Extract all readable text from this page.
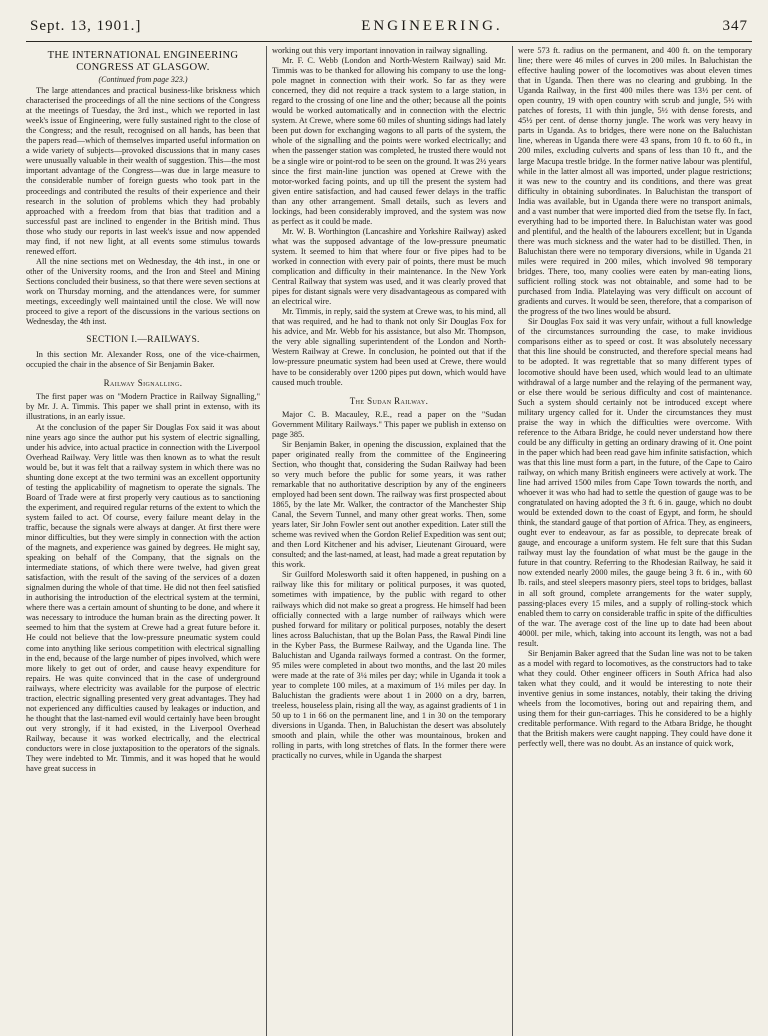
Sept. 13, 1901.]	ENGINEERING.	347
THE INTERNATIONAL ENGINEERING CONGRESS AT GLASGOW.
(Continued from page 323.)

The large attendances and practical business-like briskness which characterised the proceedings of all the nine sections of the Congress at the meetings of Tuesday, the 3rd inst., which we reported in last week's issue of Engineering, were fully sustained right to the close of the Congress; and the result, recognised on all hands, has been that the papers read—which of themselves imparted useful information on a wide variety of subjects—provoked discussions that in many cases were unusually valuable in their wealth of suggestion. This—the most important advantage of the Congress—was due in large measure to the considerable number of foreign guests who took part in the proceedings and contributed the results of their experience and their research in the solution of problems which they had probably approached with a freedom from that bias that tradition and a successful past are inclined to engender in the British mind. Thus those who study our reports in last week's issue and now appended may find, if not new light, at all events some stimulus towards renewed effort.

All the nine sections met on Wednesday, the 4th inst., in one or other of the University rooms, and the Iron and Steel and Mining Sections concluded their business, so that there were seven sections at work on Thursday morning, and the attendances were, for summer meetings, exceedingly well maintained until the close. We will now proceed to give a report of the discussions in the various sections on Wednesday, the 4th inst.

SECTION I.—RAILWAYS.

In this section Mr. Alexander Ross, one of the vice-chairmen, occupied the chair in the absence of Sir Benjamin Baker.

Railway Signalling.

The first paper was on "Modern Practice in Railway Signalling," by Mr. J. A. Timmis. This paper we shall print in extenso, with its illustrations, in an early issue.

At the conclusion of the paper Sir Douglas Fox said it was about nine years ago since the author put his system of electric signalling, under his advice, into actual practice in connection with the Liverpool Overhead Railway. Very little was then known as to what the result would be, but it was felt that a railway system in which there was no shunting done except at the two termini was an excellent opportunity of testing the applicability of magnetism to operate the signals. The Board of Trade were at first properly very cautious as to sanctioning the experiment, and required regular returns of the extent to which the system failed to act. Of course, every failure meant delay in the traffic, because the signals were always at danger. At first there were minor difficulties, but they were simply in connection with the action of the magnets, and experience was gained by degrees. He might say, speaking on behalf of the Company, that the signals on the intermediate stations, of which there were twelve, had given great satisfaction, with the result of the saving of the services of a dozen signalmen during the whole of that time. He did not then feel satisfied in authorising the introduction of the electrical system at the termini, where there was a certain amount of shunting to be done, and where it was necessary to introduce the human brain as the directing power. It seemed to him that the system at Crewe had a great future before it. He could not believe that the low-pressure pneumatic system could come into anything like serious competition with electrical signalling in the end, because of the large number of pipes involved, which were more likely to get out of order, and cause heavy expenditure for repairs. He was quite convinced that in the case of underground railways, where electricity was available for the purpose of electric traction, electric signalling presented very great advantages. They had not experienced any difficulties caused by leakages or induction, and he thought that the last-named evil would certainly have been brought out very strongly, if it had existed, in the Liverpool Overhead Railway, because it was worked electrically, and the electrical conductors were in close juxtaposition to the operators of the signals. They were indebted to Mr. Timmis, and it was hoped that he would have great success in

working out this very important innovation in railway signalling.

Mr. F. C. Webb (London and North-Western Railway) said Mr. Timmis was to be thanked for allowing his company to use the long-pole magnet in connection with their work. So far as they were concerned, they did not require a track system to a large station, in regard to the crossing of one line and the other; because all the points would be worked automatically and in connection with the electric system. At Crewe, where some 60 miles of shunting sidings had lately been put down for exchanging wagons to all parts of the system, the whole of the signalling and the points were worked electrically; and when the passenger station was completed, he trusted there would not be a single wire or point-rod to be seen on the ground. It was 2½ years since the first main-line junction was opened at Crewe with the motor-worked facing points, and up till the present the system had given entire satisfaction, and had caused fewer delays in the traffic than any other arrangement. Small details, such as levers and lockings, had been considerably improved, and the system was now as perfect as it could be made.

Mr. W. B. Worthington (Lancashire and Yorkshire Railway) asked what was the supposed advantage of the low-pressure pneumatic system. It seemed to him that where four or five pipes had to be worked in connection with every pair of points, there must be much complication and difficulty in their maintenance. In the New York Central Railway that system was used, and it was clearly proved that pipes for distant signals were very disadvantageous as compared with an electrical wire.

Mr. Timmis, in reply, said the system at Crewe was, to his mind, all that was required, and he had to thank not only Sir Douglas Fox for his advice, and Mr. Webb for his assistance, but also Mr. Thompson, the very able signalling superintendent of the London and North-Western Railway at Crewe. In conclusion, he pointed out that if the low-pressure pneumatic system had been used at Crewe, there would have to be considerably over 1200 pipes put down, which would have caused much trouble.

The Sudan Railway.

Major C. B. Macauley, R.E., read a paper on the "Sudan Government Military Railways." This paper we publish in extenso on page 385.

Sir Benjamin Baker, in opening the discussion, explained that the paper originated really from the committee of the Engineering Section, who thought that, considering the Sudan Railway had been so very much before the public for some years, it was rather remarkable that no authoritative description by any of the engineers employed had been sent down. The railway was first prospected about 1865, by the late Mr. Walker, the contractor of the Manchester Ship Canal, the Severn Tunnel, and many other great works. Then, some years later, Sir John Fowler sent out another expedition. Later still the scheme was revived when the Gordon Relief Expedition was sent out; and then Lord Kitchener and his adviser, Lieutenant Girouard, were consulted; and the last-named, at least, had made a great reputation by this work.

Sir Guilford Molesworth said it often happened, in pushing on a railway like this for military or political purposes, it was quoted, sometimes with impatience, by the public with regard to other railways which did not make so great a progress. He himself had been officially connected with a large number of railways which were pushed forward for military or political purposes, notably the desert lines across Baluchistan, that up the Bolan Pass, the Rawal Pindi line in the Kyber Pass, the Burmese Railway, and the Uganda line. The Baluchistan and Uganda railways formed a contrast. On the former, 95 miles were completed in about two months, and the last 20 miles were made at the rate of 3¼ miles per day; while in Uganda it took a year to complete 100 miles, at a maximum of 1½ miles per day. In Baluchistan the gradients were about 1 in 2000 on a dry, barren, treeless, houseless plain, rising all the way, as against gradients of 1 in 50 up to 1 in 66 on the permanent line, and 1 in 30 on the temporary diversions in Uganda. Then, in Baluchistan the desert was absolutely smooth and plain, while the other was mountainous, broken and rolling in parts, with long stretches of flats. In the former there were practically no curves, while in Uganda the sharpest

were 573 ft. radius on the permanent, and 400 ft. on the temporary line; there were 46 miles of curves in 200 miles. In Baluchistan the effective hauling power of the locomotives was about eleven times that in Uganda. Then there was no clearing and grubbing. In the Uganda Railway, in the first 400 miles there was 13½ per cent. of open country, 19 with open country with scrub and jungle, 5½ with patches of forests, 11 with thin jungle, 5½ with dense forests, and 45½ per cent. of dense thorny jungle. The work was very heavy in parts in Uganda. As to bridges, there were none on the Baluchistan line, whereas in Uganda there were 43 spans, from 10 ft. to 60 ft., in 200 miles, excluding culverts and spans of less than 10 ft., and the large Macupa trestle bridge. In the former native labour was plentiful, while in the latter almost all was imported, under plague restrictions; it was new to the country and its conditions, and there was great difficulty in obtaining subordinates. In Baluchistan the transport of India was available, but in Uganda there were no transport animals, and a vast number that were imported died from the tsetse fly. In fact, everything had to be imported there. In Baluchistan water was good and plentiful, and the health of the labourers excellent; but in Uganda there was much sickness and the water had to be distilled. Then, in Baluchistan there were no temporary diversions, while in Uganda 21 miles were required in 200 miles, which involved 98 temporary bridges. There, too, many coolies were eaten by man-eating lions, sufficient rolling stock was not obtainable, and some had to be purchased from India. Platelaying was very difficult on account of gradients and curves. It would be seen, therefore, that a comparison of the progress of the two lines would be absurd.

Sir Douglas Fox said it was very unfair, without a full knowledge of the circumstances surrounding the case, to make invidious comparisons either as to speed or cost. It was absolutely necessary that this line should be constructed, and therefore special means had to be adopted. It was regrettable that so many different types of locomotive should have been used, which would lead to an ultimate withdrawal of a large number and the relaying of the permanent way, or else there would be serious difficulty and cost of maintenance. Such a system should certainly not be introduced except where military urgency called for it. Under the circumstances they must praise the way in which the difficulties were overcome. With reference to the Atbara Bridge, he could never understand how there could be any difficulty in getting an ordinary drawing of it. One point in the paper which had been read gave him infinite satisfaction, which was that this line must form a part, in the future, of the Cape to Cairo railway, on which many British engineers were actively at work. The line had arrived 1500 miles from Cape Town towards the north, and whoever it was who had had to settle the question of gauge was to be congratulated on having adopted the 3 ft. 6 in. gauge, which no doubt would be extended down to the coast of Egypt, and form, he should think, the standard gauge of that portion of Africa. They, as engineers, ought ever to endeavour, as far as possible, to deprecate break of gauge, and encourage a uniform system. He felt sure that this Sudan railway must lay the foundation of what must be the gauge in the future in that country. Referring to the Rhodesian Railway, he said it now extended nearly 2000 miles, the gauge being 3 ft. 6 in., with 60 lb. rails, and steel sleepers masonry piers, steel tops to bridges, ballast in all soft ground, complete arrangements for the water supply, passing-places every 15 miles, and a supply of rolling-stock which enabled them to carry on considerable traffic in spite of the difficulties of the war. The average cost of the line up to date had been about 4000l. per mile, which, taking into account its length, was not a bad result.

Sir Benjamin Baker agreed that the Sudan line was not to be taken as a model with regard to locomotives, as the constructors had to take what they could. Other engineer officers in South Africa had also taken what they could, and it would be interesting to note their inventive genius in some instances, notably, their taking the driving wheels from the locomotives, boring out and repairing them, and using them for their gun-carriages. This he considered to be a highly creditable performance. With regard to the Atbara Bridge, he thought that the British makers were caught napping. They could have done it perfectly well, there was no doubt. As an instance of quick work,
